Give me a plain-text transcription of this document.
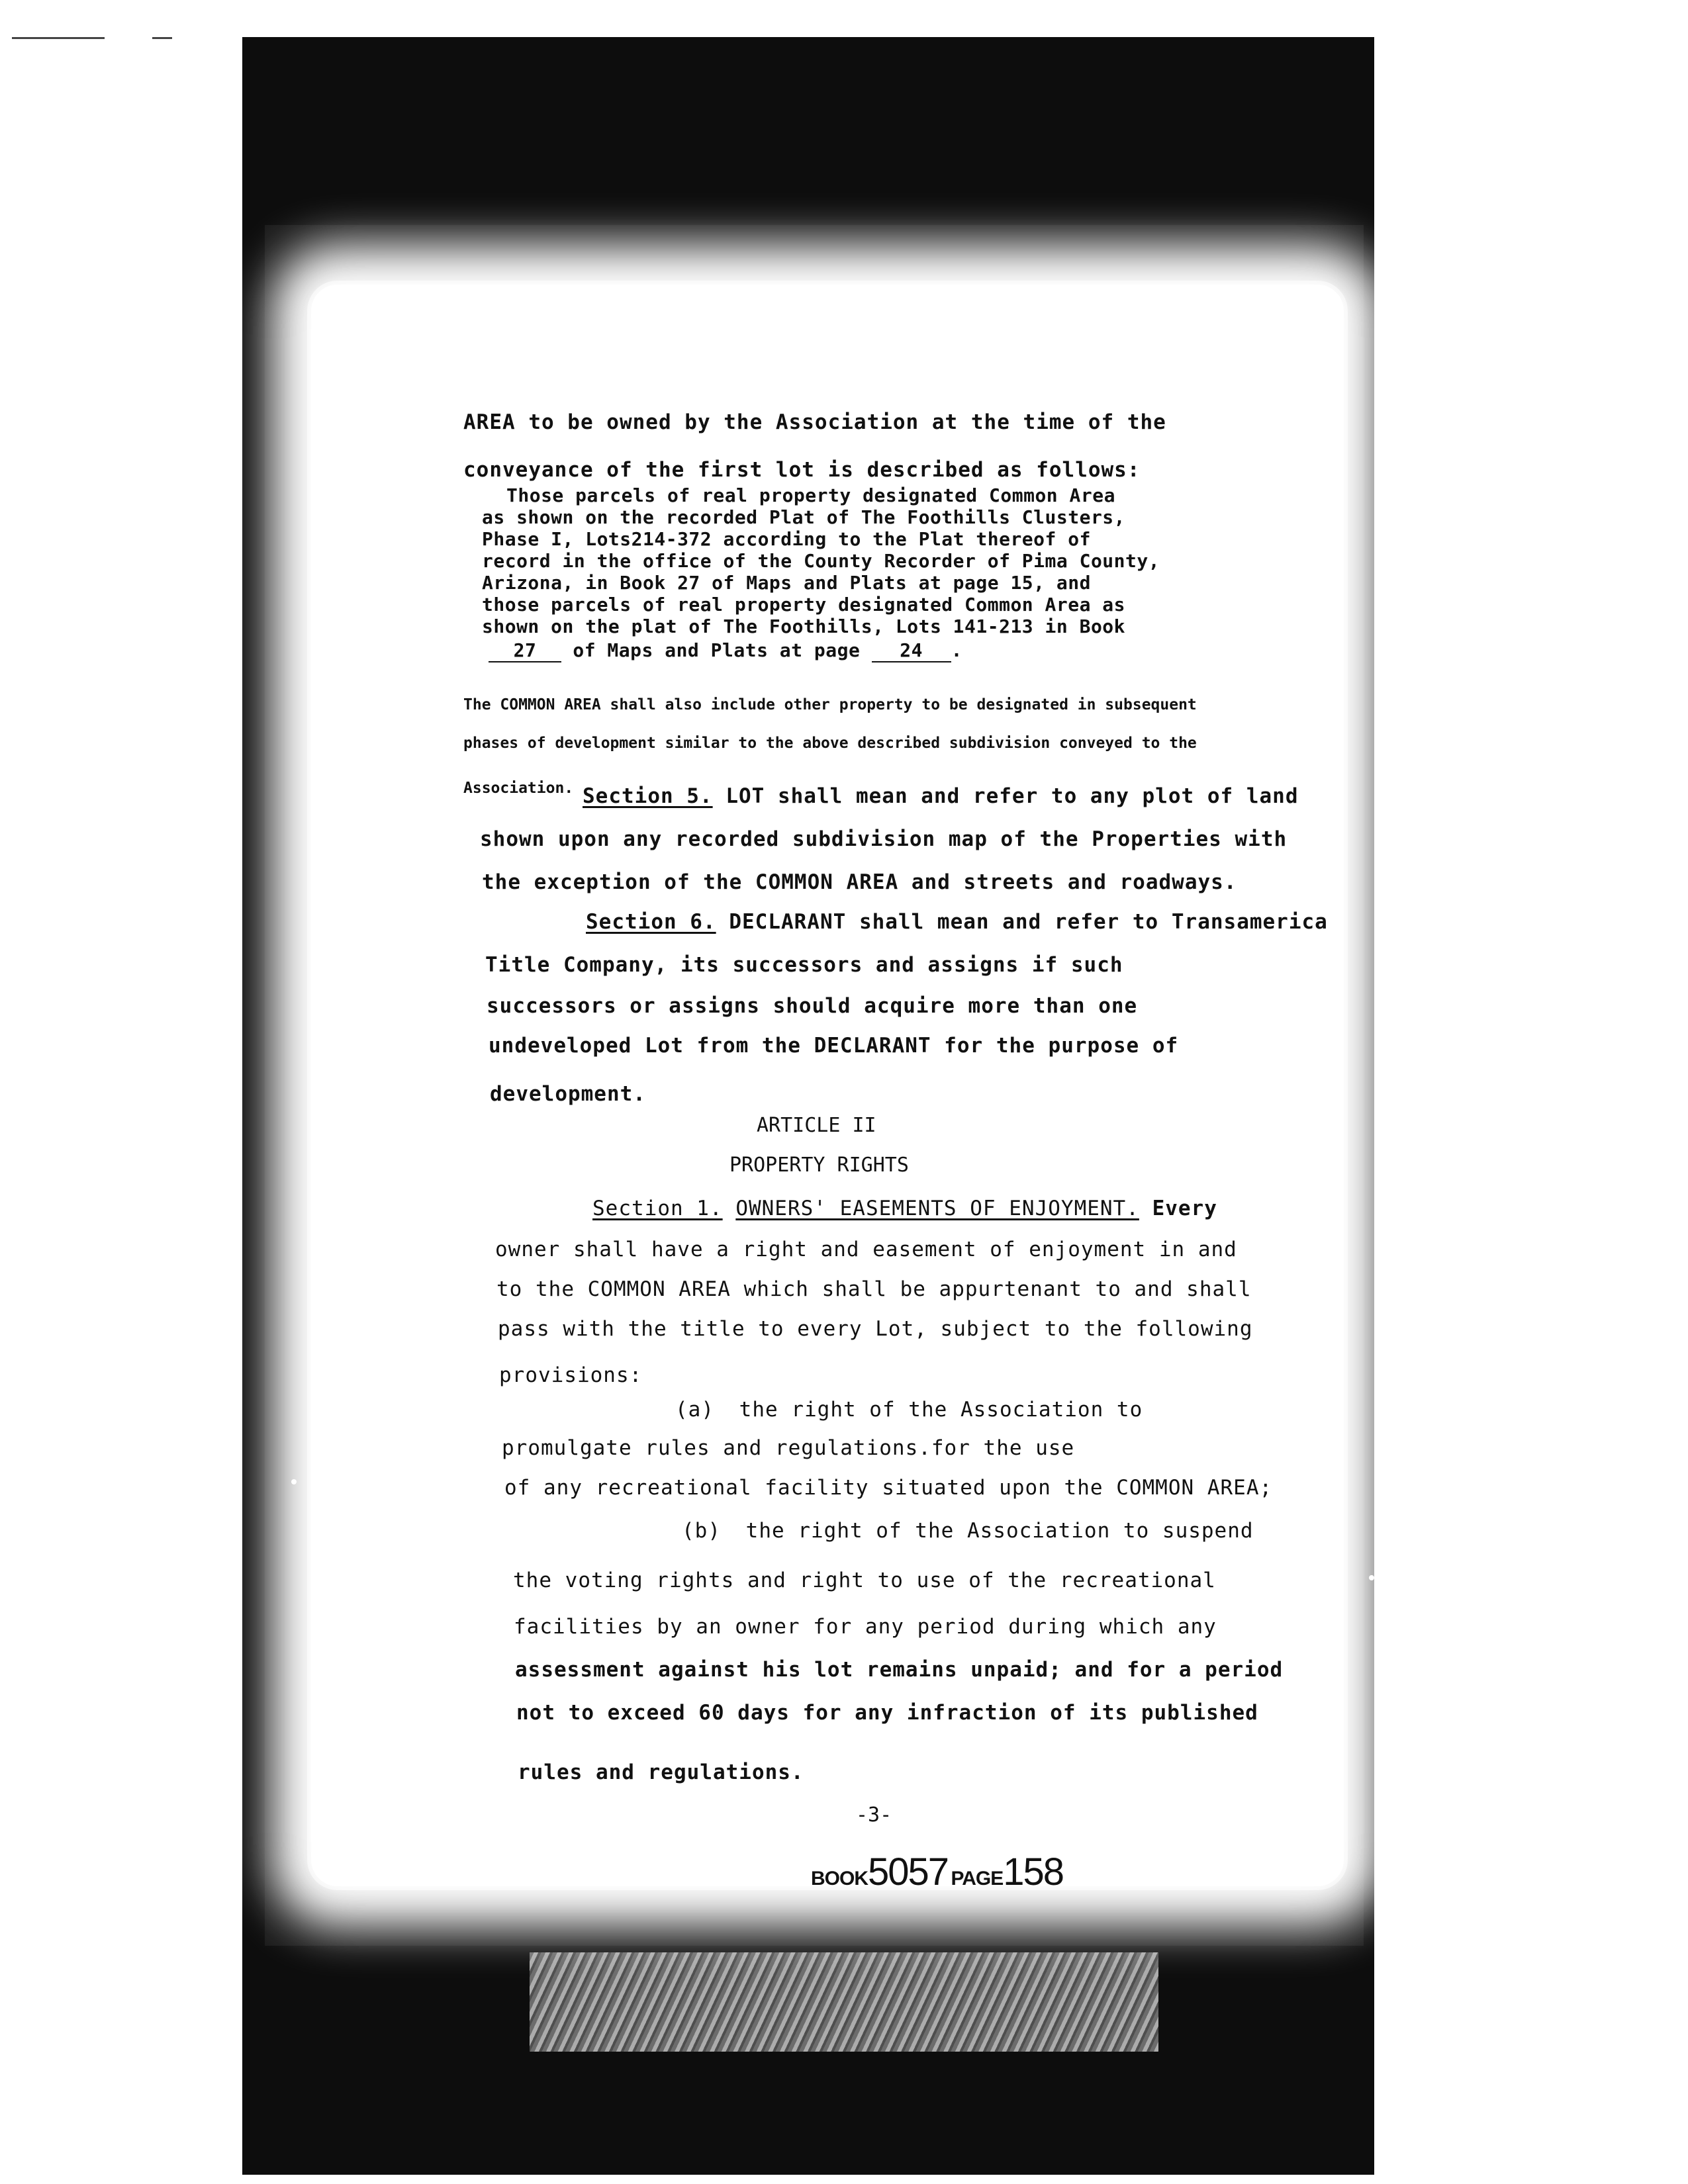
AREA to be owned by the Association at the time of the
conveyance of the first lot is described as follows:
Those parcels of real property designated Common Area
as shown on the recorded Plat of The Foothills Clusters,
Phase I, Lots214-372 according to the Plat thereof of
record in the office of the County Recorder of Pima County,
Arizona, in Book 27 of Maps and Plats at page 15, and
those parcels of real property designated Common Area as
shown on the plat of The Foothills, Lots 141-213 in Book
27 of Maps and Plats at page 24 .
The COMMON AREA shall also include other property to be designated in subsequent
phases of development similar to the above described subdivision conveyed to the
Association. Section 5. LOT shall mean and refer to any plot of land
shown upon any recorded subdivision map of the Properties with
the exception of the COMMON AREA and streets and roadways.
Section 6. DECLARANT shall mean and refer to Transamerica
Title Company, its successors and assigns if such
successors or assigns should acquire more than one
undeveloped Lot from the DECLARANT for the purpose of
development.
ARTICLE II
PROPERTY RIGHTS
Section 1. OWNERS' EASEMENTS OF ENJOYMENT. Every
owner shall have a right and easement of enjoyment in and
to the COMMON AREA which shall be appurtenant to and shall
pass with the title to every Lot, subject to the following
provisions:
(a) the right of the Association to
promulgate rules and regulations.for the use
of any recreational facility situated upon the COMMON AREA;
(b) the right of the Association to suspend
the voting rights and right to use of the recreational
facilities by an owner for any period during which any
assessment against his lot remains unpaid; and for a period
not to exceed 60 days for any infraction of its published
rules and regulations.
-3-
BOOK5057 PAGE158
